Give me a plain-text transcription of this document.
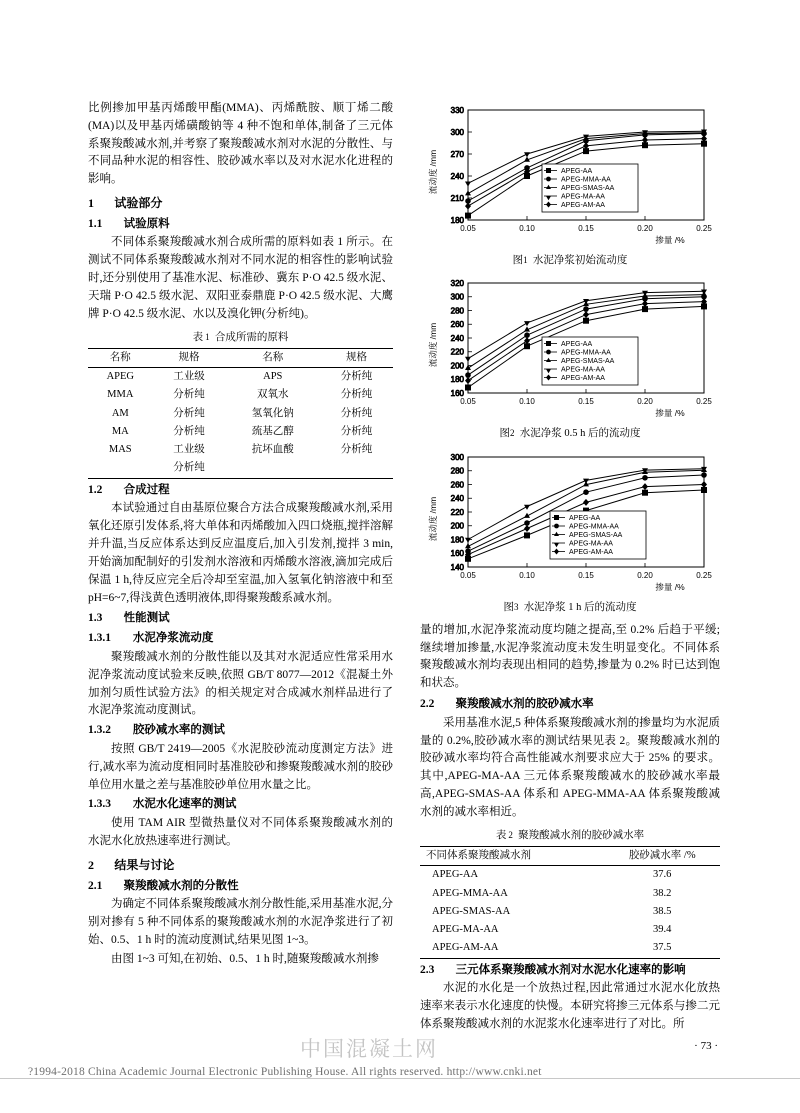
比例掺加甲基丙烯酸甲酯(MMA)、丙烯酰胺、顺丁烯二酸(MA)以及甲基丙烯磺酸钠等 4 种不饱和单体,制备了三元体系聚羧酸减水剂,并考察了聚羧酸减水剂对水泥的分散性、与不同品种水泥的相容性、胶砂减水率以及对水泥水化进程的影响。

1 试验部分
1.1 试验原料

不同体系聚羧酸减水剂合成所需的原料如表 1 所示。在测试不同体系聚羧酸减水剂对不同水泥的相容性的影响试验时,还分别使用了基准水泥、标准砂、冀东 P·O 42.5 级水泥、天瑞 P·O 42.5 级水泥、双阳亚泰鼎鹿 P·O 42.5 级水泥、大鹰牌 P·O 42.5 级水泥、水以及溴化钾(分析纯)。

表 1 合成所需的原料
名称	规格	名称	规格
APEG	工业级	APS	分析纯
MMA	分析纯	双氧水	分析纯
AM	分析纯	氢氧化钠	分析纯
MA	分析纯	巯基乙醇	分析纯
MAS	工业级	抗坏血酸	分析纯
	分析纯		
1.2 合成过程

本试验通过自由基原位聚合方法合成聚羧酸减水剂,采用氧化还原引发体系,将大单体和丙烯酸加入四口烧瓶,搅拌溶解并升温,当反应体系达到反应温度后,加入引发剂,搅拌 3 min,开始滴加配制好的引发剂水溶液和丙烯酸水溶液,滴加完成后保温 1 h,待反应完全后冷却至室温,加入氢氧化钠溶液中和至 pH=6~7,得浅黄色透明液体,即得聚羧酸系减水剂。

1.3 性能测试
1.3.1 水泥净浆流动度

聚羧酸减水剂的分散性能以及其对水泥适应性常采用水泥净浆流动度试验来反映,依照 GB/T 8077—2012《混凝土外加剂匀质性试验方法》的相关规定对合成减水剂样品进行了水泥净浆流动度测试。

1.3.2 胶砂减水率的测试

按照 GB/T 2419—2005《水泥胶砂流动度测定方法》进行,减水率为流动度相同时基准胶砂和掺聚羧酸减水剂的胶砂单位用水量之差与基准胶砂单位用水量之比。

1.3.3 水泥水化速率的测试

使用 TAM AIR 型微热量仪对不同体系聚羧酸减水剂的水泥水化放热速率进行测试。

2 结果与讨论
2.1 聚羧酸减水剂的分散性

为确定不同体系聚羧酸减水剂分散性能,采用基准水泥,分别对掺有 5 种不同体系的聚羧酸减水剂的水泥净浆进行了初始、0.5、1 h 时的流动度测试,结果见图 1~3。

由图 1~3 可知,在初始、0.5、1 h 时,随聚羧酸减水剂掺

180
210
240
270
300
330
0.05	0.10	0.15	0.20	0.25
流动度 /mm
掺量 /%
APEG-AA
APEG-MMA-AA
APEG-SMAS-AA
APEG-MA-AA
APEG-AM-AA
图1 水泥净浆初始流动度
160
180
200
220
240
260
280
300
320
0.05	0.10	0.15	0.20	0.25
流动度 /mm
掺量 /%
APEG-AA
APEG-MMA-AA
APEG-SMAS-AA
APEG-MA-AA
APEG-AM-AA
图2 水泥净浆 0.5 h 后的流动度
140
160
180
200
220
240
260
280
300
0.05	0.10	0.15	0.20	0.25
流动度 /mm
掺量 /%
APEG-AA
APEG-MMA-AA
APEG-SMAS-AA
APEG-MA-AA
APEG-AM-AA
图3 水泥净浆 1 h 后的流动度

量的增加,水泥净浆流动度均随之提高,至 0.2% 后趋于平缓;继续增加掺量,水泥净浆流动度未发生明显变化。不同体系聚羧酸减水剂均表现出相同的趋势,掺量为 0.2% 时已达到饱和状态。

2.2 聚羧酸减水剂的胶砂减水率

采用基准水泥,5 种体系聚羧酸减水剂的掺量均为水泥质量的 0.2%,胶砂减水率的测试结果见表 2。聚羧酸减水剂的胶砂减水率均符合高性能减水剂要求应大于 25% 的要求。其中,APEG-MA-AA 三元体系聚羧酸减水的胶砂减水率最高,APEG-SMAS-AA 体系和 APEG-MMA-AA 体系聚羧酸减水剂的减水率相近。

表 2 聚羧酸减水剂的胶砂减水率
不同体系聚羧酸减水剂	胶砂减水率 /%
APEG-AA	37.6
APEG-MMA-AA	38.2
APEG-SMAS-AA	38.5
APEG-MA-AA	39.4
APEG-AM-AA	37.5
2.3 三元体系聚羧酸减水剂对水泥水化速率的影响

水泥的水化是一个放热过程,因此常通过水泥水化放热速率来表示水化速度的快慢。本研究将掺三元体系与掺二元体系聚羧酸减水剂的水泥浆水化速率进行了对比。所

· 73 ·
中国混凝土网
?1994-2018 China Academic Journal Electronic Publishing House. All rights reserved. http://www.cnki.net
